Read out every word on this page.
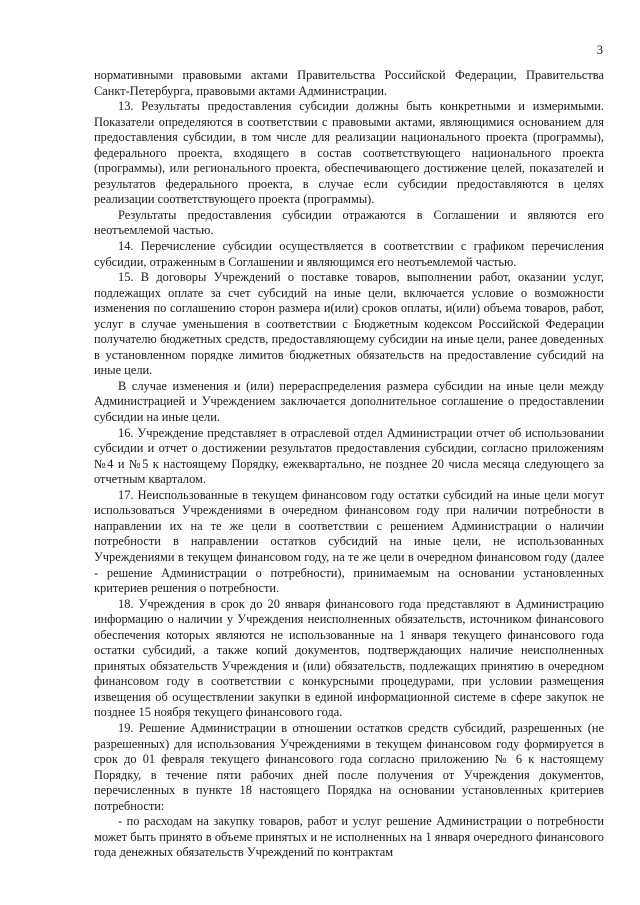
3

нормативными правовыми актами Правительства Российской Федерации, Правительства Санкт-Петербурга, правовыми актами Администрации.

13. Результаты предоставления субсидии должны быть конкретными и измеримыми. Показатели определяются в соответствии с правовыми актами, являющимися основанием для предоставления субсидии, в том числе для реализации национального проекта (программы), федерального проекта, входящего в состав соответствующего национального проекта (программы), или регионального проекта, обеспечивающего достижение целей, показателей и результатов федерального проекта, в случае если субсидии предоставляются в целях реализации соответствующего проекта (программы).

Результаты предоставления субсидии отражаются в Соглашении и являются его неотъемлемой частью.

14. Перечисление субсидии осуществляется в соответствии с графиком перечисления субсидии, отраженным в Соглашении и являющимся его неотъемлемой частью.

15. В договоры Учреждений о поставке товаров, выполнении работ, оказании услуг, подлежащих оплате за счет субсидий на иные цели, включается условие о возможности изменения по соглашению сторон размера и(или) сроков оплаты, и(или) объема товаров, работ, услуг в случае уменьшения в соответствии с Бюджетным кодексом Российской Федерации получателю бюджетных средств, предоставляющему субсидии на иные цели, ранее доведенных в установленном порядке лимитов бюджетных обязательств на предоставление субсидий на иные цели.

В случае изменения и (или) перераспределения размера субсидии на иные цели между Администрацией и Учреждением заключается дополнительное соглашение о предоставлении субсидии на иные цели.

16. Учреждение представляет в отраслевой отдел Администрации отчет об использовании субсидии и отчет о достижении результатов предоставления субсидии, согласно приложениям №4 и №5 к настоящему Порядку, ежеквартально, не позднее 20 числа месяца следующего за отчетным кварталом.

17. Неиспользованные в текущем финансовом году остатки субсидий на иные цели могут использоваться Учреждениями в очередном финансовом году при наличии потребности в направлении их на те же цели в соответствии с решением Администрации о наличии потребности в направлении остатков субсидий на иные цели, не использованных Учреждениями в текущем финансовом году, на те же цели в очередном финансовом году (далее - решение Администрации о потребности), принимаемым на основании установленных критериев решения о потребности.

18. Учреждения в срок до 20 января финансового года представляют в Администрацию информацию о наличии у Учреждения неисполненных обязательств, источником финансового обеспечения которых являются не использованные на 1 января текущего финансового года остатки субсидий, а также копий документов, подтверждающих наличие неисполненных принятых обязательств Учреждения и (или) обязательств, подлежащих принятию в очередном финансовом году в соответствии с конкурсными процедурами, при условии размещения извещения об осуществлении закупки в единой информационной системе в сфере закупок не позднее 15 ноября текущего финансового года.

19. Решение Администрации в отношении остатков средств субсидий, разрешенных (не разрешенных) для использования Учреждениями в текущем финансовом году формируется в срок до 01 февраля текущего финансового года согласно приложению № 6 к настоящему Порядку, в течение пяти рабочих дней после получения от Учреждения документов, перечисленных в пункте 18 настоящего Порядка на основании установленных критериев потребности:

- по расходам на закупку товаров, работ и услуг решение Администрации о потребности может быть принято в объеме принятых и не исполненных на 1 января очередного финансового года денежных обязательств Учреждений по контрактам
